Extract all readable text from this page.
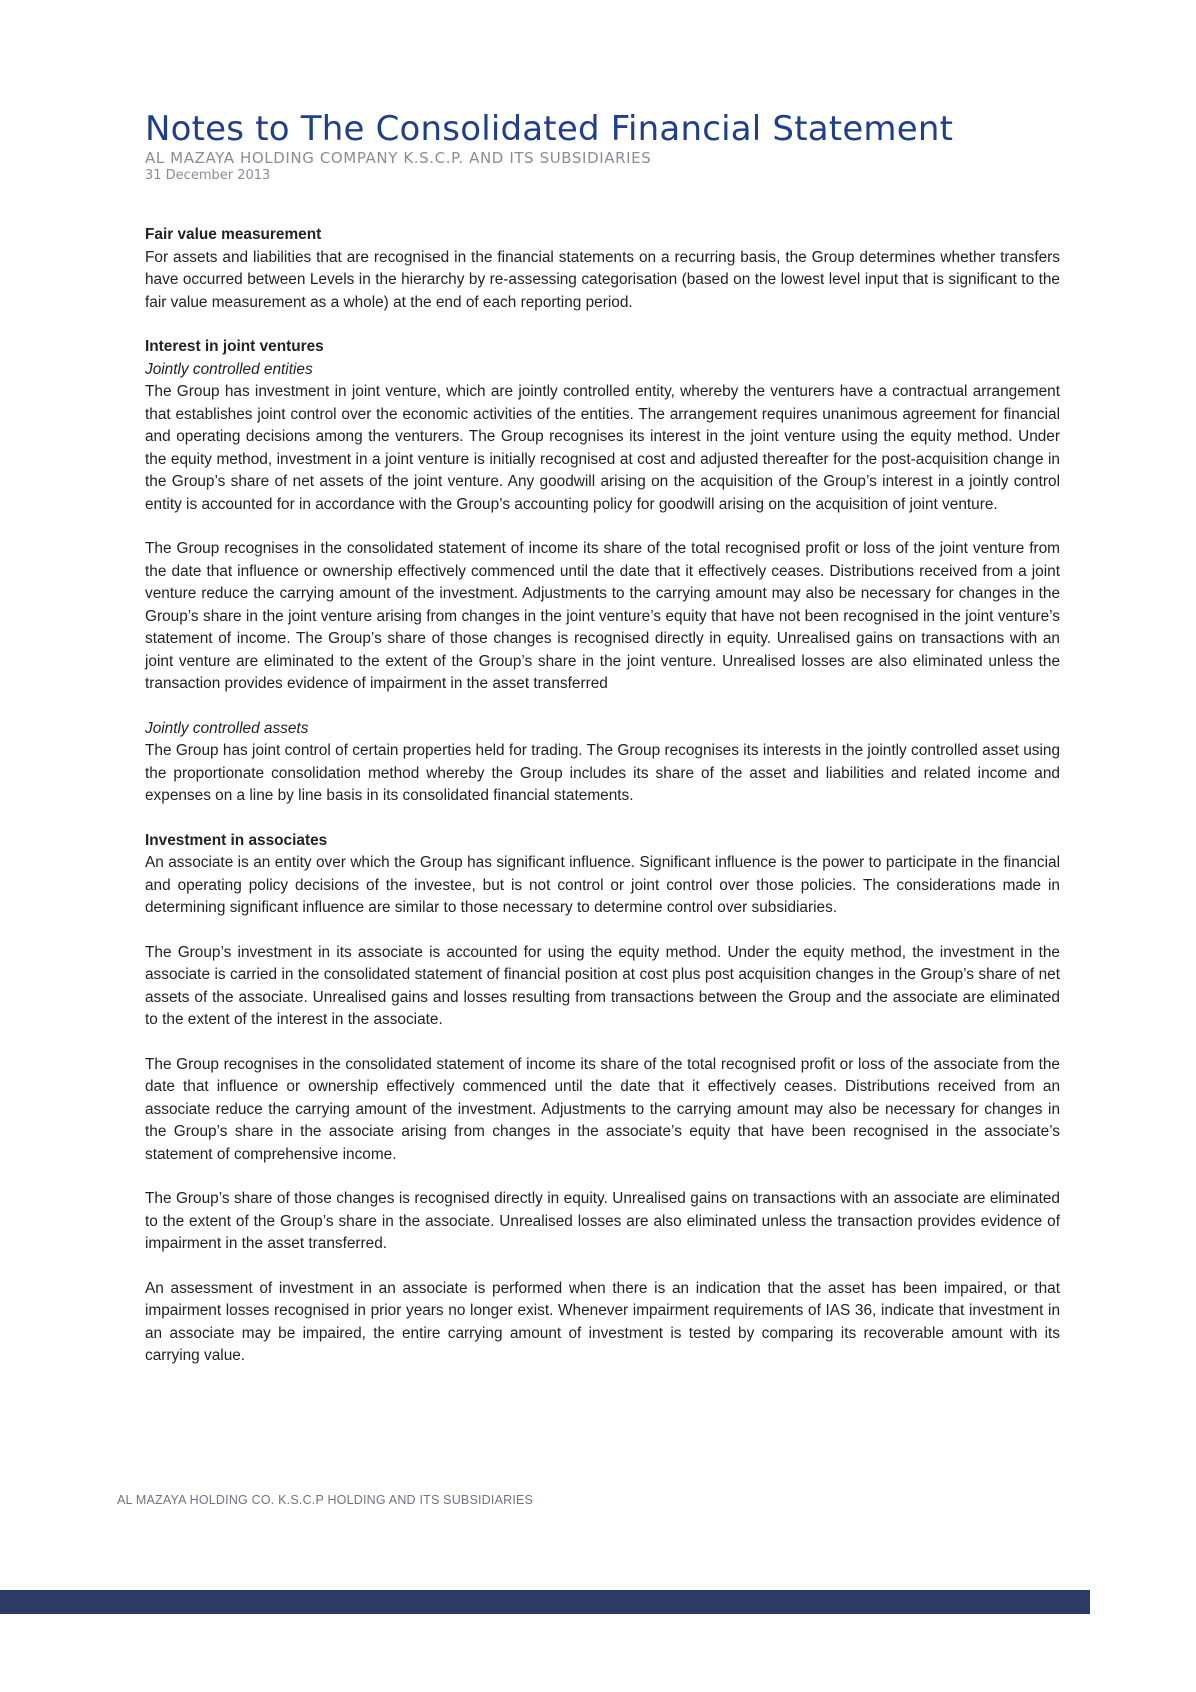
Notes to The Consolidated Financial Statement

AL MAZAYA HOLDING COMPANY K.S.C.P. AND ITS SUBSIDIARIES

31 December 2013

Fair value measurement

For assets and liabilities that are recognised in the financial statements on a recurring basis, the Group determines whether transfers have occurred between Levels in the hierarchy by re-assessing categorisation (based on the lowest level input that is significant to the fair value measurement as a whole) at the end of each reporting period.

Interest in joint ventures

Jointly controlled entities

The Group has investment in joint venture, which are jointly controlled entity, whereby the venturers have a contractual arrangement that establishes joint control over the economic activities of the entities. The arrangement requires unanimous agreement for financial and operating decisions among the venturers. The Group recognises its interest in the joint venture using the equity method. Under the equity method, investment in a joint venture is initially recognised at cost and adjusted thereafter for the post-acquisition change in the Group’s share of net assets of the joint venture. Any goodwill arising on the acquisition of the Group’s interest in a jointly control entity is accounted for in accordance with the Group’s accounting policy for goodwill arising on the acquisition of joint venture.

The Group recognises in the consolidated statement of income its share of the total recognised profit or loss of the joint venture from the date that influence or ownership effectively commenced until the date that it effectively ceases. Distributions received from a joint venture reduce the carrying amount of the investment. Adjustments to the carrying amount may also be necessary for changes in the Group’s share in the joint venture arising from changes in the joint venture’s equity that have not been recognised in the joint venture’s statement of income. The Group’s share of those changes is recognised directly in equity. Unrealised gains on transactions with an joint venture are eliminated to the extent of the Group’s share in the joint venture. Unrealised losses are also eliminated unless the transaction provides evidence of impairment in the asset transferred

Jointly controlled assets

The Group has joint control of certain properties held for trading. The Group recognises its interests in the jointly controlled asset using the proportionate consolidation method whereby the Group includes its share of the asset and liabilities and related income and expenses on a line by line basis in its consolidated financial statements.

Investment in associates

An associate is an entity over which the Group has significant influence. Significant influence is the power to participate in the financial and operating policy decisions of the investee, but is not control or joint control over those policies. The considerations made in determining significant influence are similar to those necessary to determine control over subsidiaries.

The Group’s investment in its associate is accounted for using the equity method. Under the equity method, the investment in the associate is carried in the consolidated statement of financial position at cost plus post acquisition changes in the Group’s share of net assets of the associate. Unrealised gains and losses resulting from transactions between the Group and the associate are eliminated to the extent of the interest in the associate.

The Group recognises in the consolidated statement of income its share of the total recognised profit or loss of the associate from the date that influence or ownership effectively commenced until the date that it effectively ceases. Distributions received from an associate reduce the carrying amount of the investment. Adjustments to the carrying amount may also be necessary for changes in the Group’s share in the associate arising from changes in the associate’s equity that have been recognised in the associate’s statement of comprehensive income.

The Group’s share of those changes is recognised directly in equity. Unrealised gains on transactions with an associate are eliminated to the extent of the Group’s share in the associate. Unrealised losses are also eliminated unless the transaction provides evidence of impairment in the asset transferred.

An assessment of investment in an associate is performed when there is an indication that the asset has been impaired, or that impairment losses recognised in prior years no longer exist. Whenever impairment requirements of IAS 36, indicate that investment in an associate may be impaired, the entire carrying amount of investment is tested by comparing its recoverable amount with its carrying value.

AL MAZAYA HOLDING CO. K.S.C.P HOLDING AND ITS SUBSIDIARIES
